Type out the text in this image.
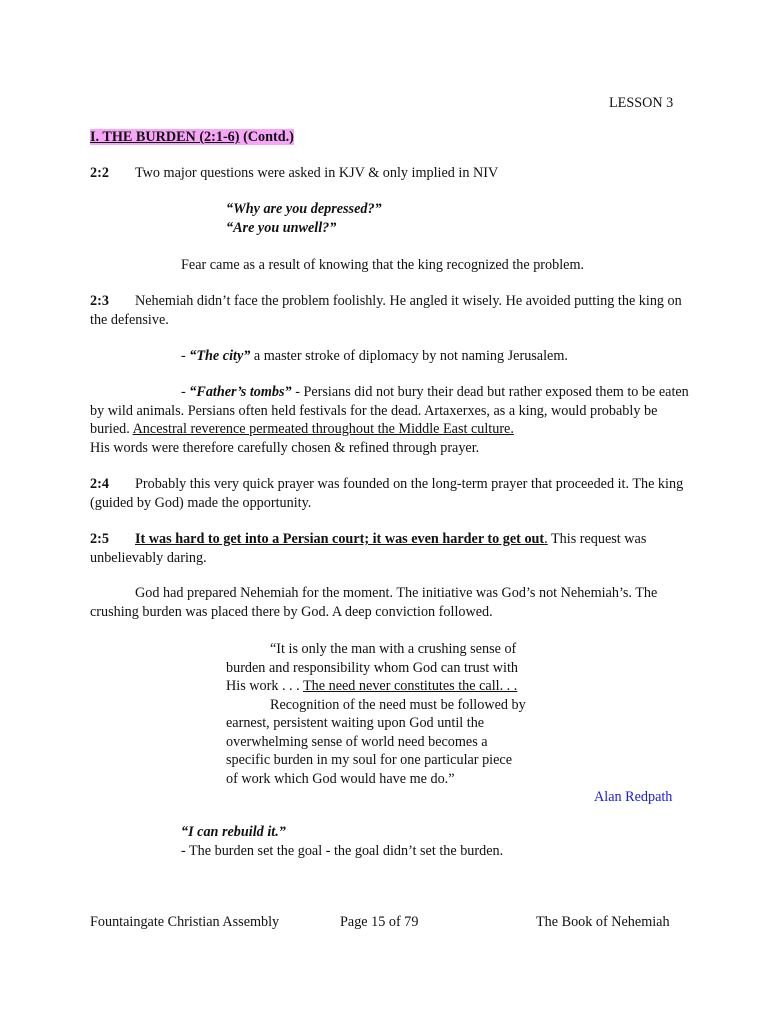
LESSON 3
I. THE BURDEN (2:1-6) (Contd.)
2:2 Two major questions were asked in KJV & only implied in NIV
“Why are you depressed?”
“Are you unwell?”
Fear came as a result of knowing that the king recognized the problem.
2:3 Nehemiah didn’t face the problem foolishly. He angled it wisely. He avoided putting the king on the defensive.
- “The city” a master stroke of diplomacy by not naming Jerusalem.
- “Father’s tombs” - Persians did not bury their dead but rather exposed them to be eaten by wild animals. Persians often held festivals for the dead. Artaxerxes, as a king, would probably be buried. Ancestral reverence permeated throughout the Middle East culture.
His words were therefore carefully chosen & refined through prayer.
2:4 Probably this very quick prayer was founded on the long-term prayer that proceeded it. The king (guided by God) made the opportunity.
2:5 It was hard to get into a Persian court; it was even harder to get out. This request was unbelievably daring.
God had prepared Nehemiah for the moment. The initiative was God’s not Nehemiah’s. The crushing burden was placed there by God. A deep conviction followed.
“It is only the man with a crushing sense of
burden and responsibility whom God can trust with
His work . . . The need never constitutes the call. . .
Recognition of the need must be followed by
earnest, persistent waiting upon God until the
overwhelming sense of world need becomes a
specific burden in my soul for one particular piece
of work which God would have me do.”
Alan Redpath
“I can rebuild it.”
- The burden set the goal - the goal didn’t set the burden.
Fountaingate Christian Assembly	Page 15 of 79	The Book of Nehemiah
